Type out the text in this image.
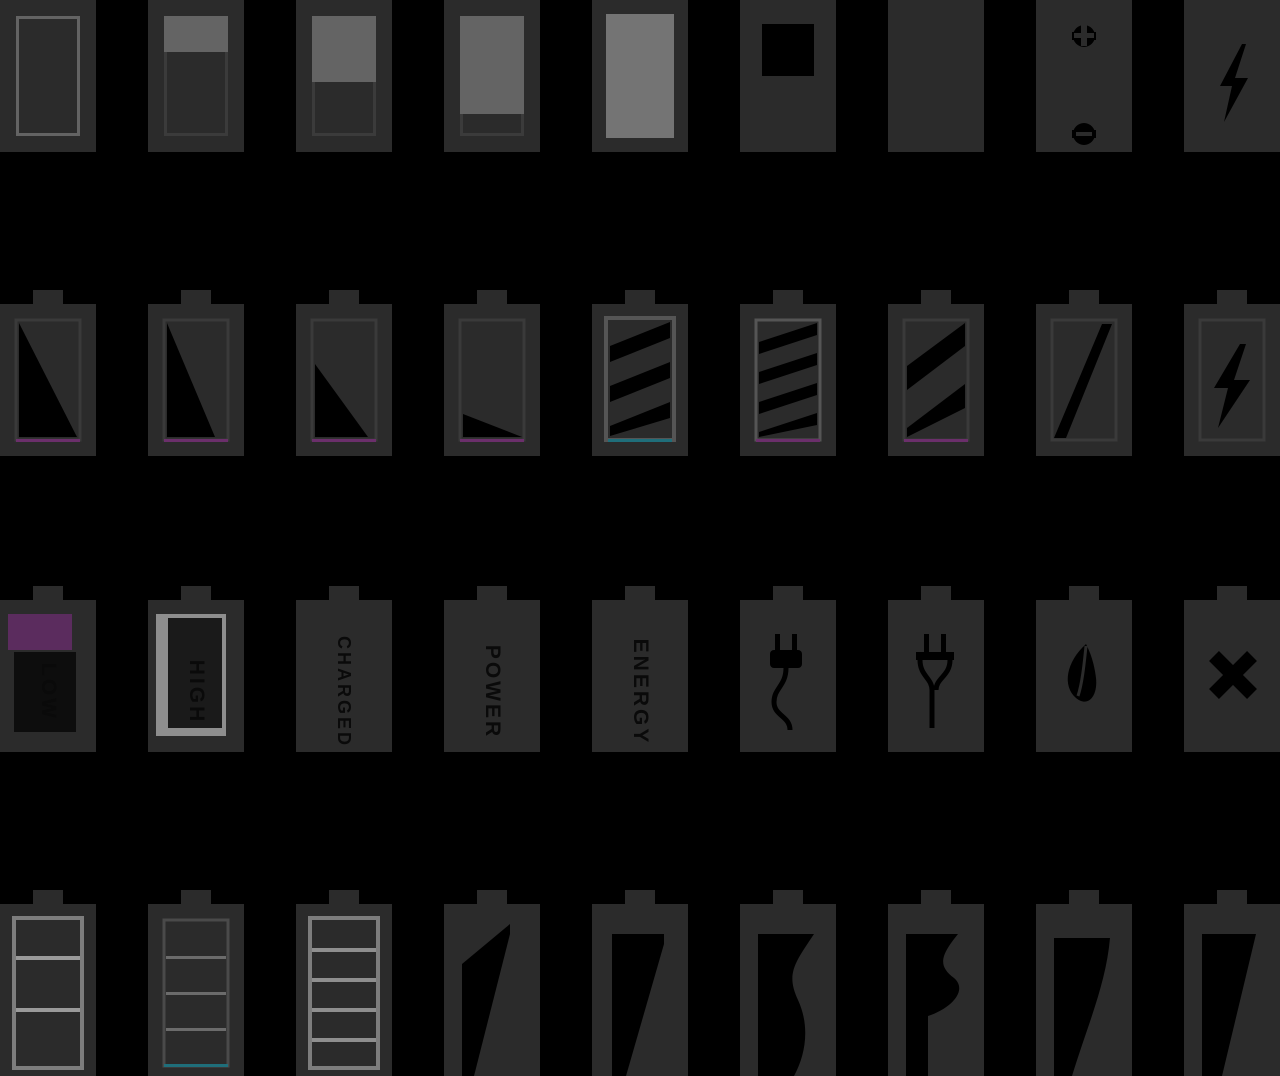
LOW	HIGH	CHARGED	POWER	ENERGY
